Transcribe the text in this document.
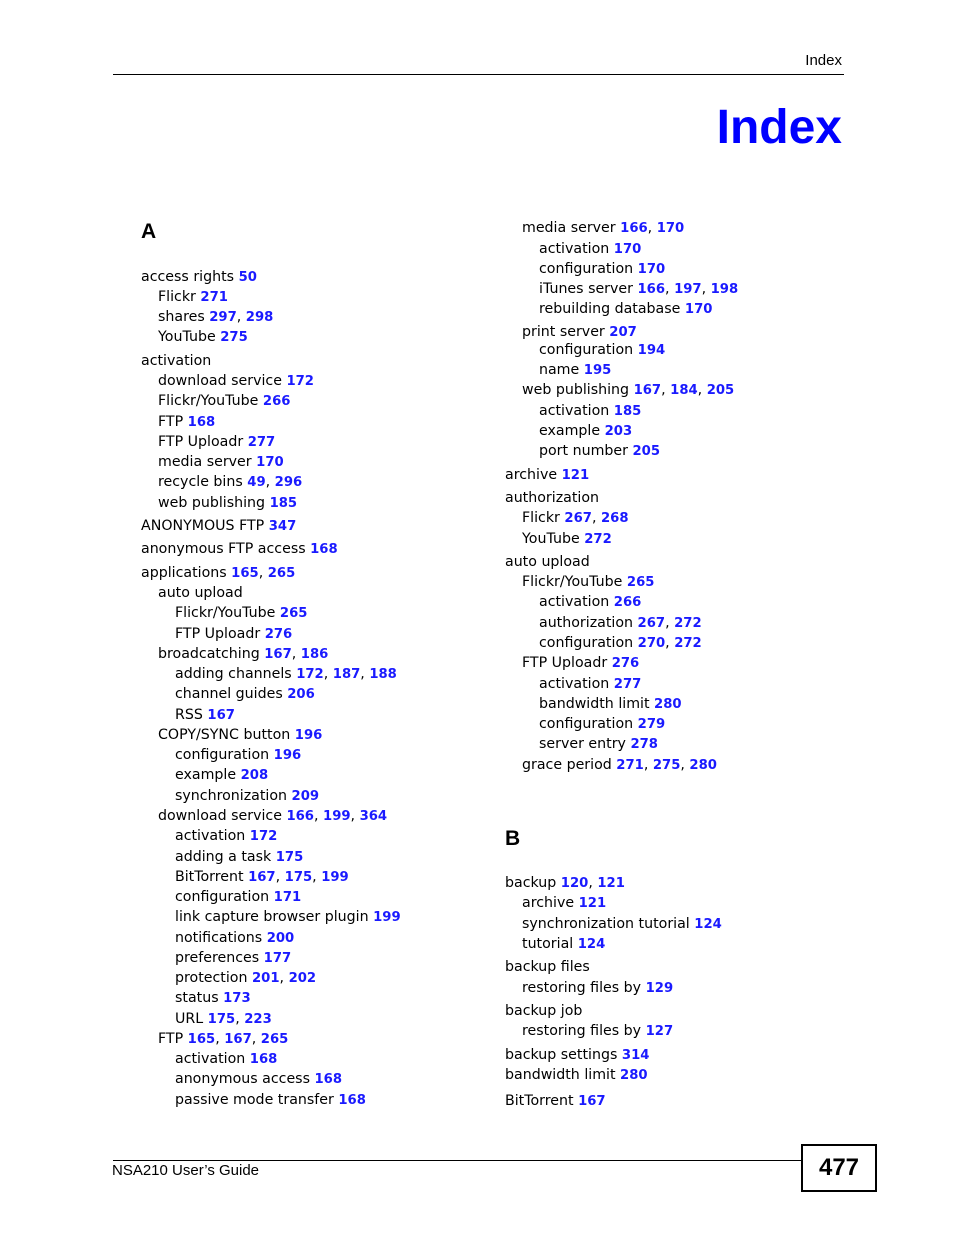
Index
Index
A
access rights 50
Flickr 271
shares 297, 298
YouTube 275
activation
download service 172
Flickr/YouTube 266
FTP 168
FTP Uploadr 277
media server 170
recycle bins 49, 296
web publishing 185
ANONYMOUS FTP 347
anonymous FTP access 168
applications 165, 265
auto upload
Flickr/YouTube 265
FTP Uploadr 276
broadcatching 167, 186
adding channels 172, 187, 188
channel guides 206
RSS 167
COPY/SYNC button 196
configuration 196
example 208
synchronization 209
download service 166, 199, 364
activation 172
adding a task 175
BitTorrent 167, 175, 199
configuration 171
link capture browser plugin 199
notifications 200
preferences 177
protection 201, 202
status 173
URL 175, 223
FTP 165, 167, 265
activation 168
anonymous access 168
passive mode transfer 168
media server 166, 170
activation 170
configuration 170
iTunes server 166, 197, 198
rebuilding database 170
print server 207
configuration 194
name 195
web publishing 167, 184, 205
activation 185
example 203
port number 205
archive 121
authorization
Flickr 267, 268
YouTube 272
auto upload
Flickr/YouTube 265
activation 266
authorization 267, 272
configuration 270, 272
FTP Uploadr 276
activation 277
bandwidth limit 280
configuration 279
server entry 278
grace period 271, 275, 280
B
backup 120, 121
archive 121
synchronization tutorial 124
tutorial 124
backup files
restoring files by 129
backup job
restoring files by 127
backup settings 314
bandwidth limit 280
BitTorrent 167
NSA210 User’s Guide	477
